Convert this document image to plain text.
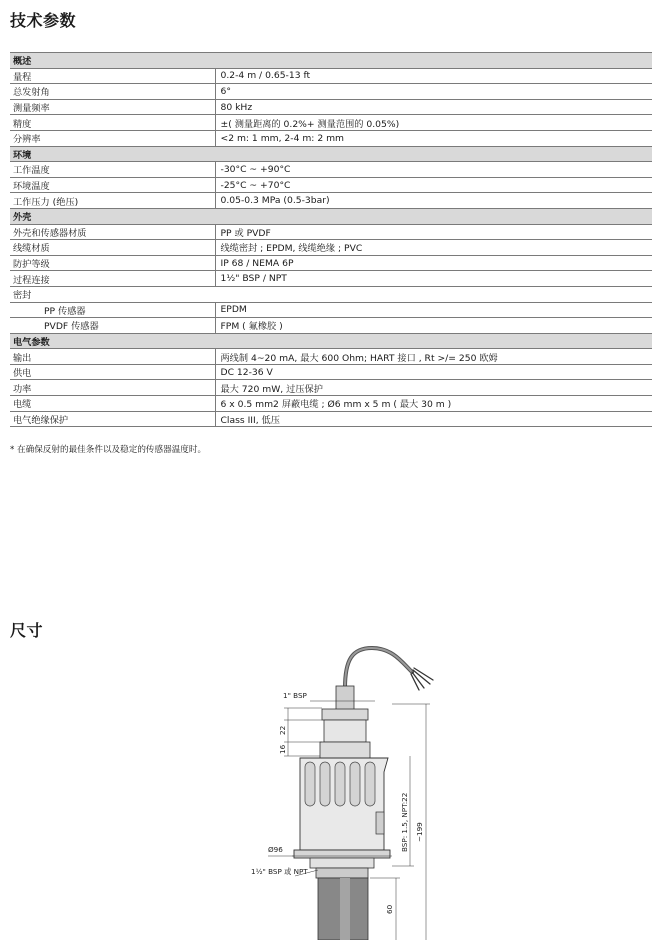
技术参数
概述	
量程	0.2-4 m / 0.65-13 ft
总发射角	6°
测量频率	80 kHz
精度	±( 测量距离的 0.2%+ 测量范围的 0.05%)
分辨率	<2 m: 1 mm, 2-4 m: 2 mm
环境	
工作温度	-30°C ~ +90°C
环境温度	-25°C ~ +70°C
工作压力 (绝压)	0.05-0.3 MPa (0.5-3bar)
外壳	
外壳和传感器材质	PP 或 PVDF
线缆材质	线缆密封 ; EPDM, 线缆绝缘 ; PVC
防护等级	IP 68 / NEMA 6P
过程连接	1½" BSP / NPT
密封	
PP 传感器	EPDM
PVDF 传感器	FPM ( 氟橡胶 )
电气参数	
输出	两线制 4~20 mA, 最大 600 Ohm; HART 接口 , Rt >/= 250 欧姆
供电	DC 12-36 V
功率	最大 720 mW, 过压保护
电缆	6 x 0.5 mm2 屏蔽电缆 ; Ø6 mm x 5 m ( 最大 30 m )
电气绝缘保护	Class III, 低压
* 在确保反射的最佳条件以及稳定的传感器温度时。
尺寸
1" BSP
22
16
Ø96
1½" BSP 或 NPT
60
BSP: 1.5, NPT:22 ~199
